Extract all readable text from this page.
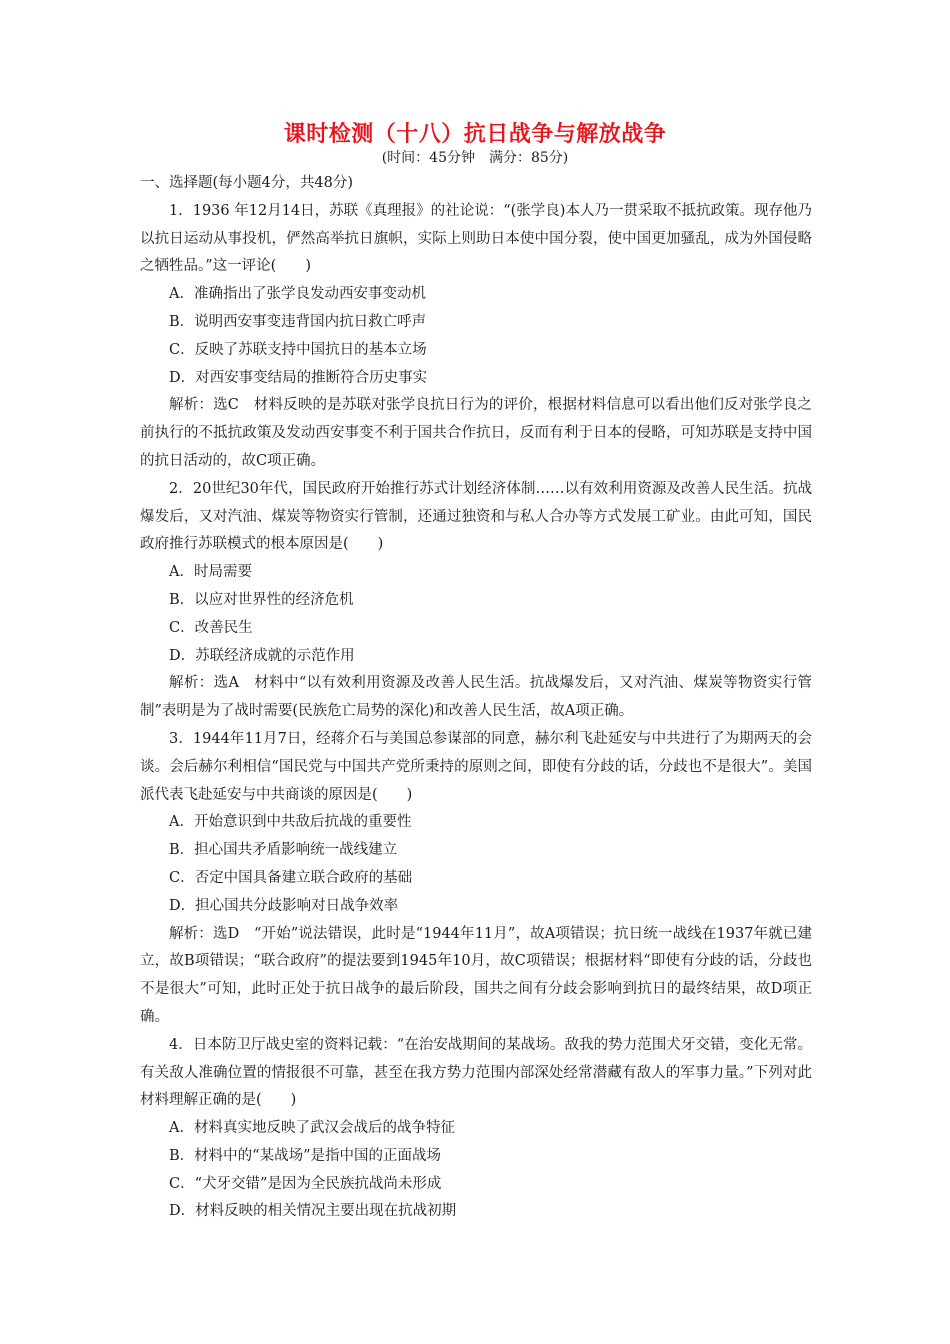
课时检测（十八）抗日战争与解放战争
(时间：45分钟　满分：85分)

一、选择题(每小题4分，共48分)

1．1936 年12月14日，苏联《真理报》的社论说：“(张学良)本人乃一贯采取不抵抗政策。现存他乃以抗日运动从事投机，俨然高举抗日旗帜，实际上则助日本使中国分裂，使中国更加骚乱，成为外国侵略之牺牲品。”这一评论(　　)

A．准确指出了张学良发动西安事变动机

B．说明西安事变违背国内抗日救亡呼声

C．反映了苏联支持中国抗日的基本立场

D．对西安事变结局的推断符合历史事实

解析：选C　材料反映的是苏联对张学良抗日行为的评价，根据材料信息可以看出他们反对张学良之前执行的不抵抗政策及发动西安事变不利于国共合作抗日，反而有利于日本的侵略，可知苏联是支持中国的抗日活动的，故C项正确。

2．20世纪30年代，国民政府开始推行苏式计划经济体制……以有效利用资源及改善人民生活。抗战爆发后，又对汽油、煤炭等物资实行管制，还通过独资和与私人合办等方式发展工矿业。由此可知，国民政府推行苏联模式的根本原因是(　　)

A．时局需要

B．以应对世界性的经济危机

C．改善民生

D．苏联经济成就的示范作用

解析：选A　材料中“以有效利用资源及改善人民生活。抗战爆发后，又对汽油、煤炭等物资实行管制”表明是为了战时需要(民族危亡局势的深化)和改善人民生活，故A项正确。

3．1944年11月7日，经蒋介石与美国总参谋部的同意，赫尔利飞赴延安与中共进行了为期两天的会谈。会后赫尔利相信“国民党与中国共产党所秉持的原则之间，即使有分歧的话，分歧也不是很大”。美国派代表飞赴延安与中共商谈的原因是(　　)

A．开始意识到中共敌后抗战的重要性

B．担心国共矛盾影响统一战线建立

C．否定中国具备建立联合政府的基础

D．担心国共分歧影响对日战争效率

解析：选D　“开始”说法错误，此时是“1944年11月”，故A项错误；抗日统一战线在1937年就已建立，故B项错误；“联合政府”的提法要到1945年10月，故C项错误；根据材料“即使有分歧的话，分歧也不是很大”可知，此时正处于抗日战争的最后阶段，国共之间有分歧会影响到抗日的最终结果，故D项正确。

4．日本防卫厅战史室的资料记载：“在治安战期间的某战场。敌我的势力范围犬牙交错，变化无常。有关敌人准确位置的情报很不可靠，甚至在我方势力范围内部深处经常潜藏有敌人的军事力量。”下列对此材料理解正确的是(　　)

A．材料真实地反映了武汉会战后的战争特征

B．材料中的“某战场”是指中国的正面战场

C．“犬牙交错”是因为全民族抗战尚未形成

D．材料反映的相关情况主要出现在抗战初期
